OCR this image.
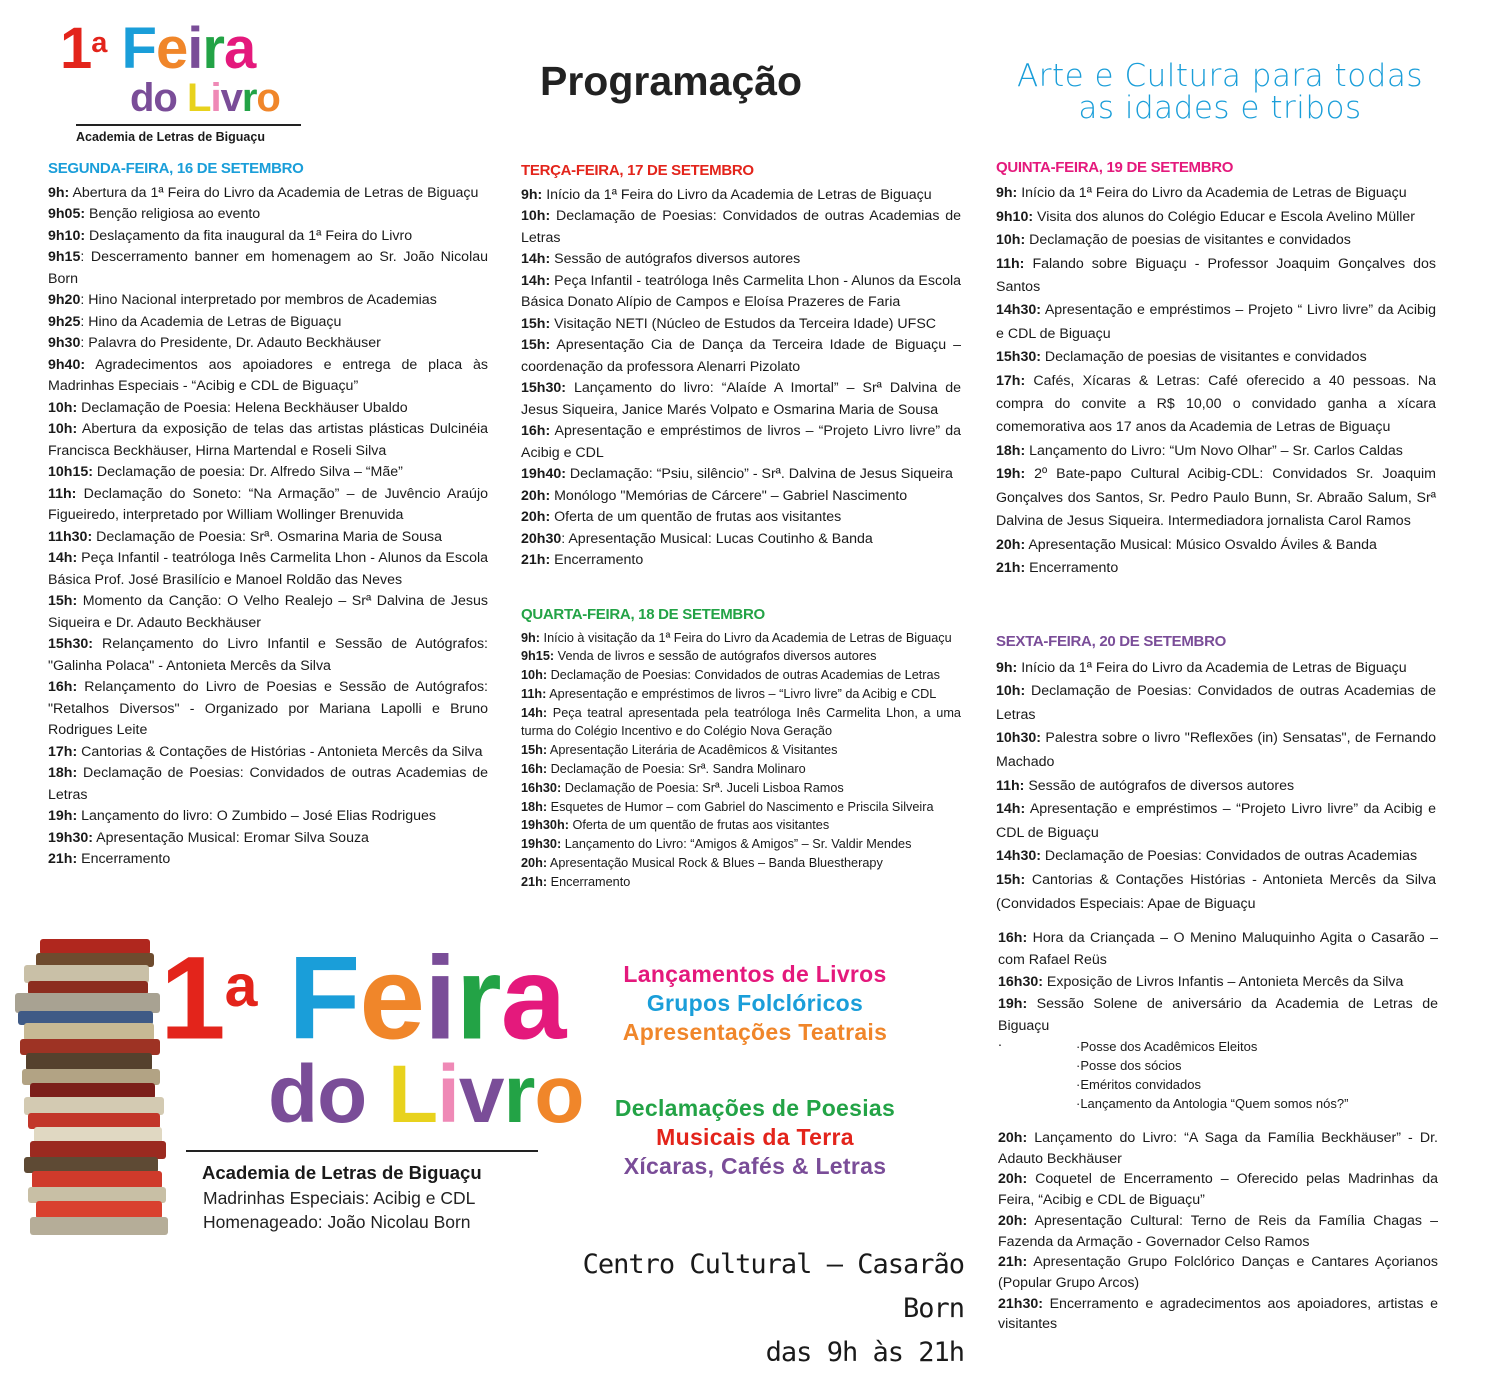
1$^a$ Feira
do Livro
Academia de Letras de Biguaçu
Programação	Arte e Cultura para todas
as idades e tribos
SEGUNDA-FEIRA, 16 DE SETEMBRO

9h: Abertura da 1ª Feira do Livro da Academia de Letras de Biguaçu

9h05: Benção religiosa ao evento

9h10: Deslaçamento da fita inaugural da 1ª Feira do Livro

9h15: Descerramento banner em homenagem ao Sr. João Nicolau Born

9h20: Hino Nacional interpretado por membros de Academias

9h25: Hino da Academia de Letras de Biguaçu

9h30: Palavra do Presidente, Dr. Adauto Beckhäuser

9h40: Agradecimentos aos apoiadores e entrega de placa às Madrinhas Especiais - “Acibig e CDL de Biguaçu”

10h: Declamação de Poesia: Helena Beckhäuser Ubaldo

10h: Abertura da exposição de telas das artistas plásticas Dulcinéia Francisca Beckhäuser, Hirna Martendal e Roseli Silva

10h15: Declamação de poesia: Dr. Alfredo Silva – “Mãe”

11h: Declamação do Soneto: “Na Armação” – de Juvêncio Araújo Figueiredo, interpretado por William Wollinger Brenuvida

11h30: Declamação de Poesia: Srª. Osmarina Maria de Sousa

14h: Peça Infantil - teatróloga Inês Carmelita Lhon - Alunos da Escola Básica Prof. José Brasilício e Manoel Roldão das Neves

15h: Momento da Canção: O Velho Realejo – Srª Dalvina de Jesus Siqueira e Dr. Adauto Beckhäuser

15h30: Relançamento do Livro Infantil e Sessão de Autógrafos: "Galinha Polaca" - Antonieta Mercês da Silva

16h: Relançamento do Livro de Poesias e Sessão de Autógrafos: "Retalhos Diversos" - Organizado por Mariana Lapolli e Bruno Rodrigues Leite

17h: Cantorias & Contações de Histórias - Antonieta Mercês da Silva

18h: Declamação de Poesias: Convidados de outras Academias de Letras

19h: Lançamento do livro: O Zumbido – José Elias Rodrigues

19h30: Apresentação Musical: Eromar Silva Souza

21h: Encerramento

TERÇA-FEIRA, 17 DE SETEMBRO

9h: Início da 1ª Feira do Livro da Academia de Letras de Biguaçu

10h: Declamação de Poesias: Convidados de outras Academias de Letras

14h: Sessão de autógrafos diversos autores

14h: Peça Infantil - teatróloga Inês Carmelita Lhon - Alunos da Escola Básica Donato Alípio de Campos e Eloísa Prazeres de Faria

15h: Visitação NETI (Núcleo de Estudos da Terceira Idade) UFSC

15h: Apresentação Cia de Dança da Terceira Idade de Biguaçu – coordenação da professora Alenarri Pizolato

15h30: Lançamento do livro: “Alaíde A Imortal” – Srª Dalvina de Jesus Siqueira, Janice Marés Volpato e Osmarina Maria de Sousa

16h: Apresentação e empréstimos de livros – “Projeto Livro livre” da Acibig e CDL

19h40: Declamação: “Psiu, silêncio” - Srª. Dalvina de Jesus Siqueira

20h: Monólogo "Memórias de Cárcere" – Gabriel Nascimento

20h: Oferta de um quentão de frutas aos visitantes

20h30: Apresentação Musical: Lucas Coutinho & Banda

21h: Encerramento

QUARTA-FEIRA, 18 DE SETEMBRO

9h: Início à visitação da 1ª Feira do Livro da Academia de Letras de Biguaçu

9h15: Venda de livros e sessão de autógrafos diversos autores

10h: Declamação de Poesias: Convidados de outras Academias de Letras

11h: Apresentação e empréstimos de livros – “Livro livre” da Acibig e CDL

14h: Peça teatral apresentada pela teatróloga Inês Carmelita Lhon, a uma turma do Colégio Incentivo e do Colégio Nova Geração

15h: Apresentação Literária de Acadêmicos & Visitantes

16h: Declamação de Poesia: Srª. Sandra Molinaro

16h30: Declamação de Poesia: Srª. Juceli Lisboa Ramos

18h: Esquetes de Humor – com Gabriel do Nascimento e Priscila Silveira

19h30h: Oferta de um quentão de frutas aos visitantes

19h30: Lançamento do Livro: “Amigos & Amigos” – Sr. Valdir Mendes

20h: Apresentação Musical Rock & Blues – Banda Bluestherapy

21h: Encerramento

QUINTA-FEIRA, 19 DE SETEMBRO

9h: Início da 1ª Feira do Livro da Academia de Letras de Biguaçu

9h10: Visita dos alunos do Colégio Educar e Escola Avelino Müller

10h: Declamação de poesias de visitantes e convidados

11h: Falando sobre Biguaçu - Professor Joaquim Gonçalves dos Santos

14h30: Apresentação e empréstimos – Projeto “ Livro livre” da Acibig e CDL de Biguaçu

15h30: Declamação de poesias de visitantes e convidados

17h: Cafés, Xícaras & Letras: Café oferecido a 40 pessoas. Na compra do convite a R$ 10,00 o convidado ganha a xícara comemorativa aos 17 anos da Academia de Letras de Biguaçu

18h: Lançamento do Livro: “Um Novo Olhar” – Sr. Carlos Caldas

19h: 2º Bate-papo Cultural Acibig-CDL: Convidados Sr. Joaquim Gonçalves dos Santos, Sr. Pedro Paulo Bunn, Sr. Abraão Salum, Srª Dalvina de Jesus Siqueira. Intermediadora jornalista Carol Ramos

20h: Apresentação Musical: Músico Osvaldo Áviles & Banda

21h: Encerramento

SEXTA-FEIRA, 20 DE SETEMBRO

9h: Início da 1ª Feira do Livro da Academia de Letras de Biguaçu

10h: Declamação de Poesias: Convidados de outras Academias de Letras

10h30: Palestra sobre o livro "Reflexões (in) Sensatas", de Fernando Machado

11h: Sessão de autógrafos de diversos autores

14h: Apresentação e empréstimos – “Projeto Livro livre” da Acibig e CDL de Biguaçu

14h30: Declamação de Poesias: Convidados de outras Academias

15h: Cantorias & Contações Histórias - Antonieta Mercês da Silva (Convidados Especiais: Apae de Biguaçu

16h: Hora da Criançada – O Menino Maluquinho Agita o Casarão – com Rafael Reüs

16h30: Exposição de Livros Infantis – Antonieta Mercês da Silva

19h: Sessão Solene de aniversário da Academia de Letras de Biguaçu

.	·Posse dos Acadêmicos Eleitos
·Posse dos sócios
·Eméritos convidados
·Lançamento da Antologia “Quem somos nós?”

20h: Lançamento do Livro: “A Saga da Família Beckhäuser” - Dr. Adauto Beckhäuser

20h: Coquetel de Encerramento – Oferecido pelas Madrinhas da Feira, “Acibig e CDL de Biguaçu”

20h: Apresentação Cultural: Terno de Reis da Família Chagas – Fazenda da Armação - Governador Celso Ramos

21h: Apresentação Grupo Folclórico Danças e Cantares Açorianos (Popular Grupo Arcos)

21h30: Encerramento e agradecimentos aos apoiadores, artistas e visitantes

1$^a$ Feira
do Livro
Academia de Letras de Biguaçu
Madrinhas Especiais: Acibig e CDL
Homenageado: João Nicolau Born
Lançamentos de Livros
Grupos Folclóricos
Apresentações Teatrais
Declamações de Poesias
Musicais da Terra
Xícaras, Cafés & Letras
Centro Cultural – Casarão Born
das 9h às 21h
